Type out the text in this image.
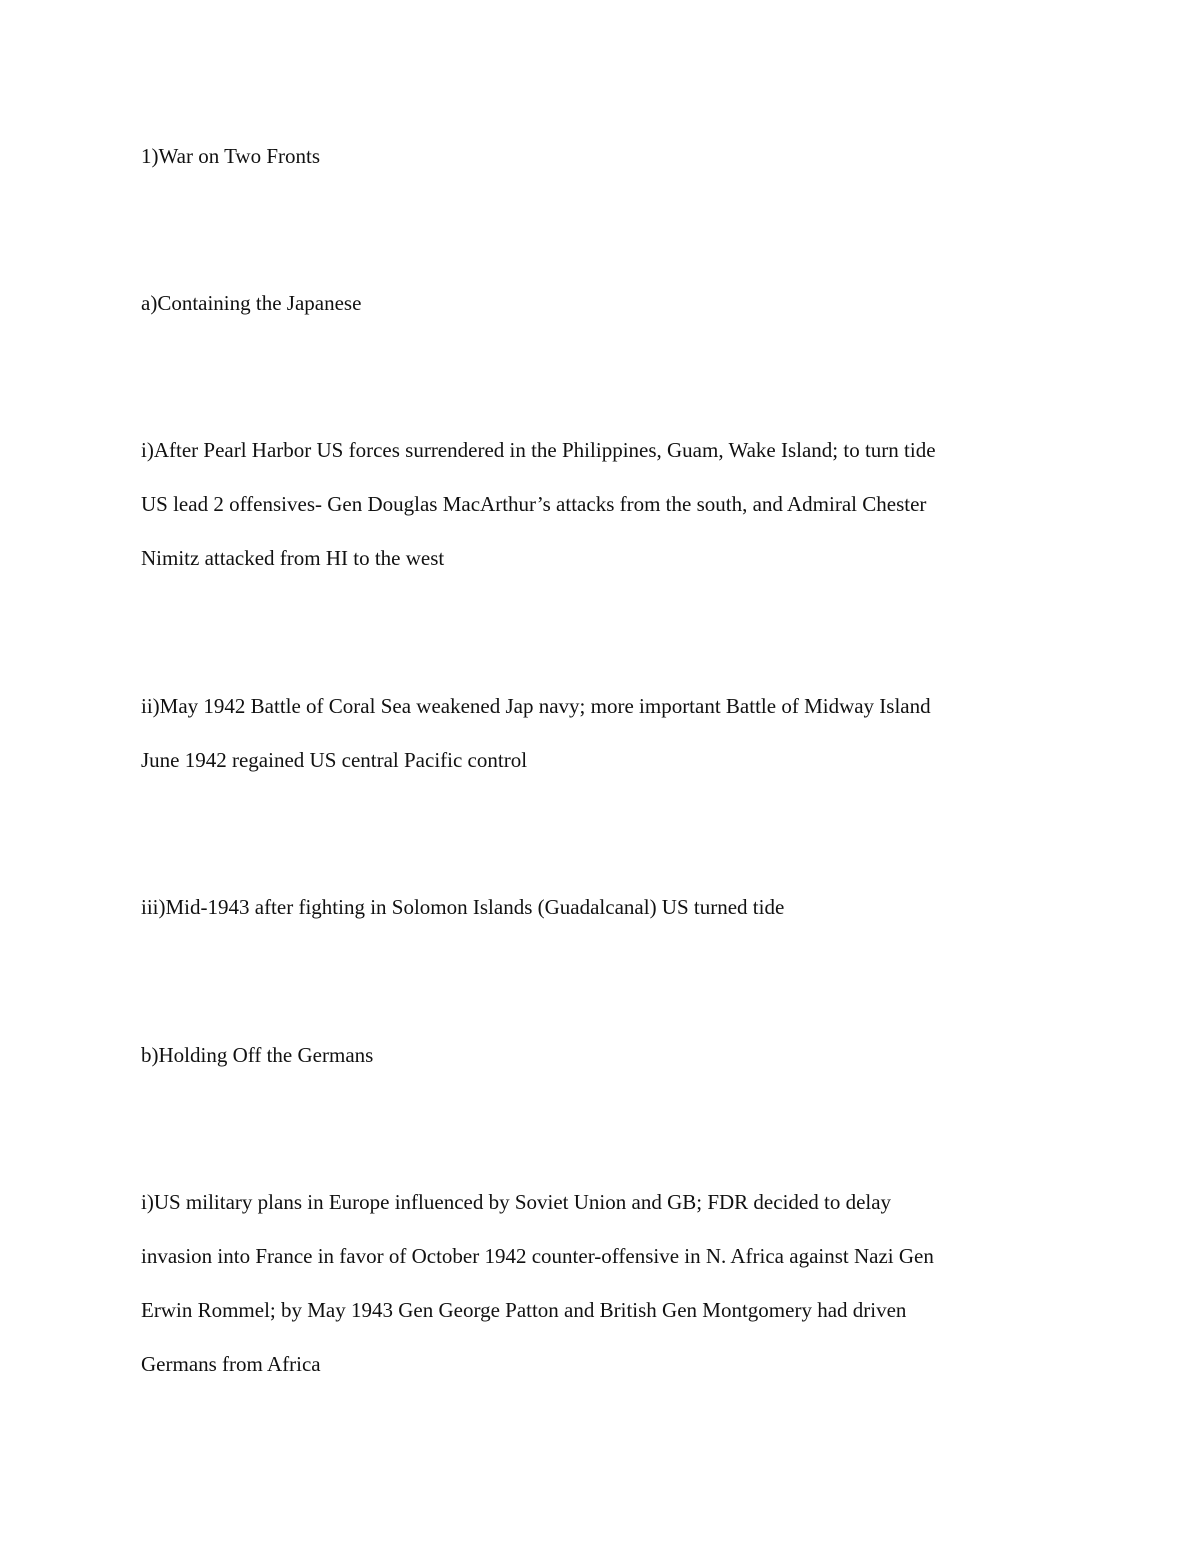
1)War on Two Fronts

a)Containing the Japanese

i)After Pearl Harbor US forces surrendered in the Philippines, Guam, Wake Island; to turn tide

US lead 2 offensives- Gen Douglas MacArthur’s attacks from the south, and Admiral Chester

Nimitz attacked from HI to the west

ii)May 1942 Battle of Coral Sea weakened Jap navy; more important Battle of Midway Island

June 1942 regained US central Pacific control

iii)Mid-1943 after fighting in Solomon Islands (Guadalcanal) US turned tide

b)Holding Off the Germans

i)US military plans in Europe influenced by Soviet Union and GB; FDR decided to delay

invasion into France in favor of October 1942 counter-offensive in N. Africa against Nazi Gen

Erwin Rommel; by May 1943 Gen George Patton and British Gen Montgomery had driven

Germans from Africa
